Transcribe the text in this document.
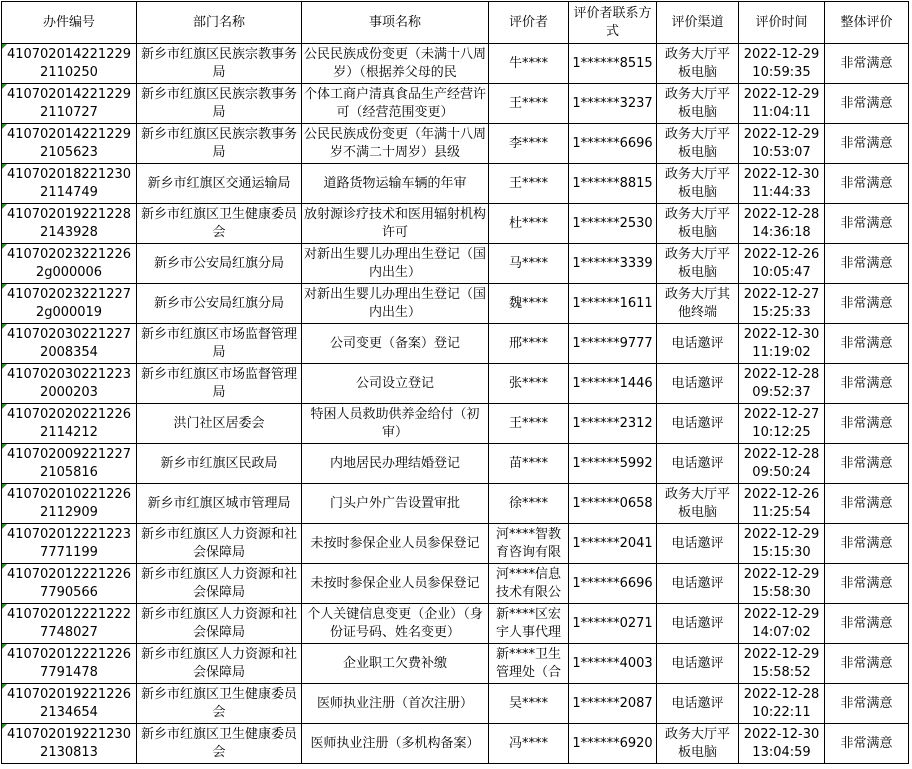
办件编号	部门名称	事项名称	评价者	评价者联系方式	评价渠道	评价时间	整体评价

4107020142212292110250	新乡市红旗区民族宗教事务局	公民民族成份变更（未满十八周岁）（根据养父母的民	牛****	1******8515	政务大厅平板电脑	2022-12-29 10:59:35	非常满意

4107020142212292110727	新乡市红旗区民族宗教事务局	个体工商户清真食品生产经营许可（经营范围变更）	王****	1******3237	政务大厅平板电脑	2022-12-29 11:04:11	非常满意

4107020142212292105623	新乡市红旗区民族宗教事务局	公民民族成份变更（年满十八周岁不满二十周岁）县级	李****	1******6696	政务大厅平板电脑	2022-12-29 10:53:07	非常满意

4107020182212302114749	新乡市红旗区交通运输局	道路货物运输车辆的年审	王****	1******8815	政务大厅平板电脑	2022-12-30 11:44:33	非常满意

4107020192212282143928	新乡市红旗区卫生健康委员会	放射源诊疗技术和医用辐射机构许可	杜****	1******2530	政务大厅平板电脑	2022-12-28 14:36:18	非常满意

4107020232212262g000006	新乡市公安局红旗分局	对新出生婴儿办理出生登记（国内出生）	马****	1******3339	政务大厅平板电脑	2022-12-26 10:05:47	非常满意

4107020232212272g000019	新乡市公安局红旗分局	对新出生婴儿办理出生登记（国内出生）	魏****	1******1611	政务大厅其他终端	2022-12-27 15:25:33	非常满意

4107020302212272008354	新乡市红旗区市场监督管理局	公司变更（备案）登记	邢****	1******9777	电话邀评	2022-12-30 11:19:02	非常满意

4107020302212232000203	新乡市红旗区市场监督管理局	公司设立登记	张****	1******1446	电话邀评	2022-12-28 09:52:37	非常满意

4107020202212262114212	洪门社区居委会	特困人员救助供养金给付（初审）	王****	1******2312	电话邀评	2022-12-27 10:12:25	非常满意

4107020092212272105816	新乡市红旗区民政局	内地居民办理结婚登记	苗****	1******5992	电话邀评	2022-12-28 09:50:24	非常满意

4107020102212262112909	新乡市红旗区城市管理局	门头户外广告设置审批	徐****	1******0658	政务大厅平板电脑	2022-12-26 11:25:54	非常满意

4107020122212237771199	新乡市红旗区人力资源和社会保障局	未按时参保企业人员参保登记	河****智教育咨询有限	1******2041	电话邀评	2022-12-29 15:15:30	非常满意

4107020122212267790566	新乡市红旗区人力资源和社会保障局	未按时参保企业人员参保登记	河****信息技术有限公	1******6696	电话邀评	2022-12-29 15:58:30	非常满意

4107020122212227748027	新乡市红旗区人力资源和社会保障局	个人关键信息变更（企业）（身份证号码、姓名变更）	新****区宏宇人事代理	1******0271	电话邀评	2022-12-29 14:07:02	非常满意

4107020122212267791478	新乡市红旗区人力资源和社会保障局	企业职工欠费补缴	新****卫生管理处（合	1******4003	电话邀评	2022-12-29 15:58:52	非常满意

4107020192212262134654	新乡市红旗区卫生健康委员会	医师执业注册（首次注册）	吴****	1******2087	电话邀评	2022-12-28 10:22:11	非常满意

4107020192212302130813	新乡市红旗区卫生健康委员会	医师执业注册（多机构备案）	冯****	1******6920	政务大厅平板电脑	2022-12-30 13:04:59	非常满意
